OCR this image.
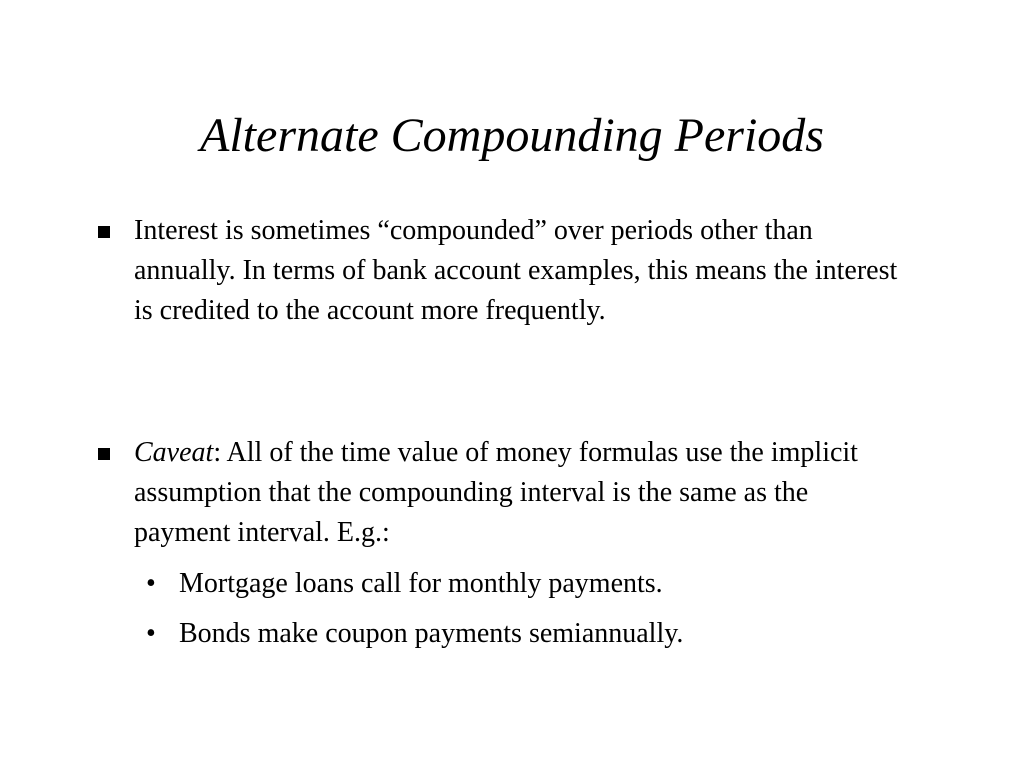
Alternate Compounding Periods
Interest is sometimes “compounded” over periods other than annually. In terms of bank account examples, this means the interest is credited to the account more frequently.
Caveat: All of the time value of money formulas use the implicit assumption that the compounding interval is the same as the payment interval. E.g.:
• Mortgage loans call for monthly payments.
• Bonds make coupon payments semiannually.
